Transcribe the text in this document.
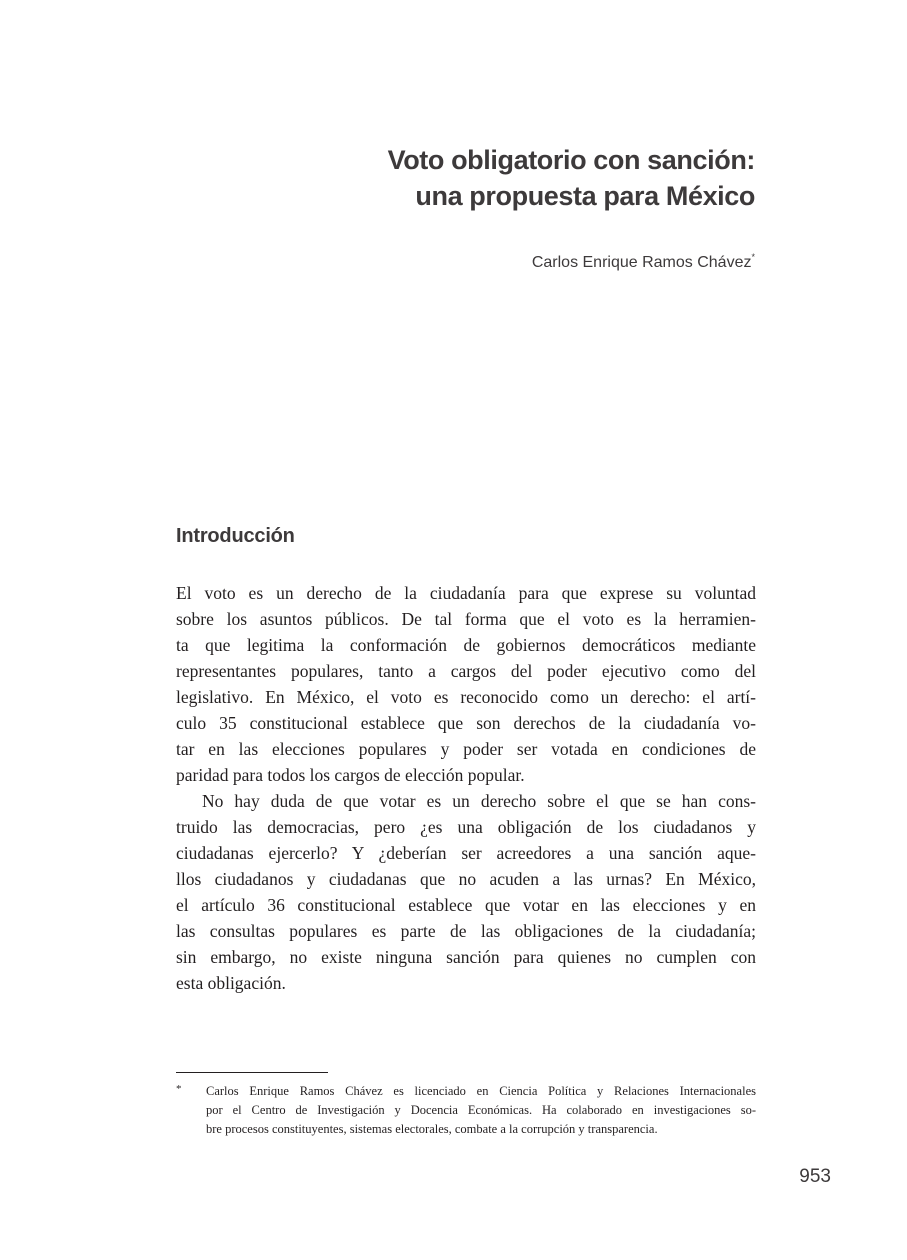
Voto obligatorio con sanción:
una propuesta para México
Carlos Enrique Ramos Chávez*
Introducción
El voto es un derecho de la ciudadanía para que exprese su voluntad
sobre los asuntos públicos. De tal forma que el voto es la herramien-
ta que legitima la conformación de gobiernos democráticos mediante
representantes populares, tanto a cargos del poder ejecutivo como del
legislativo. En México, el voto es reconocido como un derecho: el artí-
culo 35 constitucional establece que son derechos de la ciudadanía vo-
tar en las elecciones populares y poder ser votada en condiciones de
paridad para todos los cargos de elección popular.
No hay duda de que votar es un derecho sobre el que se han cons-
truido las democracias, pero ¿es una obligación de los ciudadanos y
ciudadanas ejercerlo? Y ¿deberían ser acreedores a una sanción aque-
llos ciudadanos y ciudadanas que no acuden a las urnas? En México,
el artículo 36 constitucional establece que votar en las elecciones y en
las consultas populares es parte de las obligaciones de la ciudadanía;
sin embargo, no existe ninguna sanción para quienes no cumplen con
esta obligación.
* Carlos Enrique Ramos Chávez es licenciado en Ciencia Política y Relaciones Internacionales
por el Centro de Investigación y Docencia Económicas. Ha colaborado en investigaciones so-
bre procesos constituyentes, sistemas electorales, combate a la corrupción y transparencia.
953
